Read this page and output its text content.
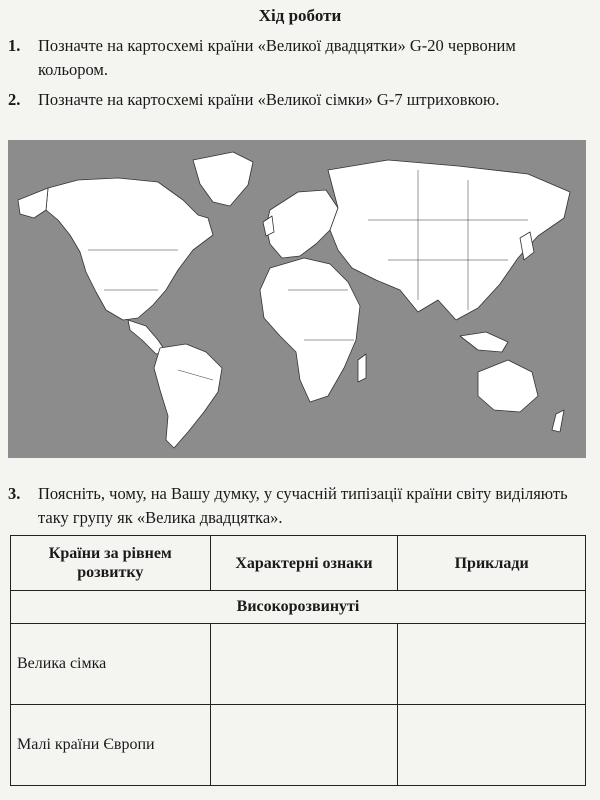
Хід роботи
1.	Позначте на картосхемі країни «Великої двадцятки» G-20 червоним кольором.
2.	Позначте на картосхемі країни «Великої сімки» G-7 штриховкою.
3.	Поясніть, чому, на Вашу думку, у сучасній типізації країни світу виділяють таку групу як «Велика двадцятка».
Країни за рівнем розвитку	Характерні ознаки	Приклади
Високорозвинуті		
Велика сімка		
Малі країни Європи		
